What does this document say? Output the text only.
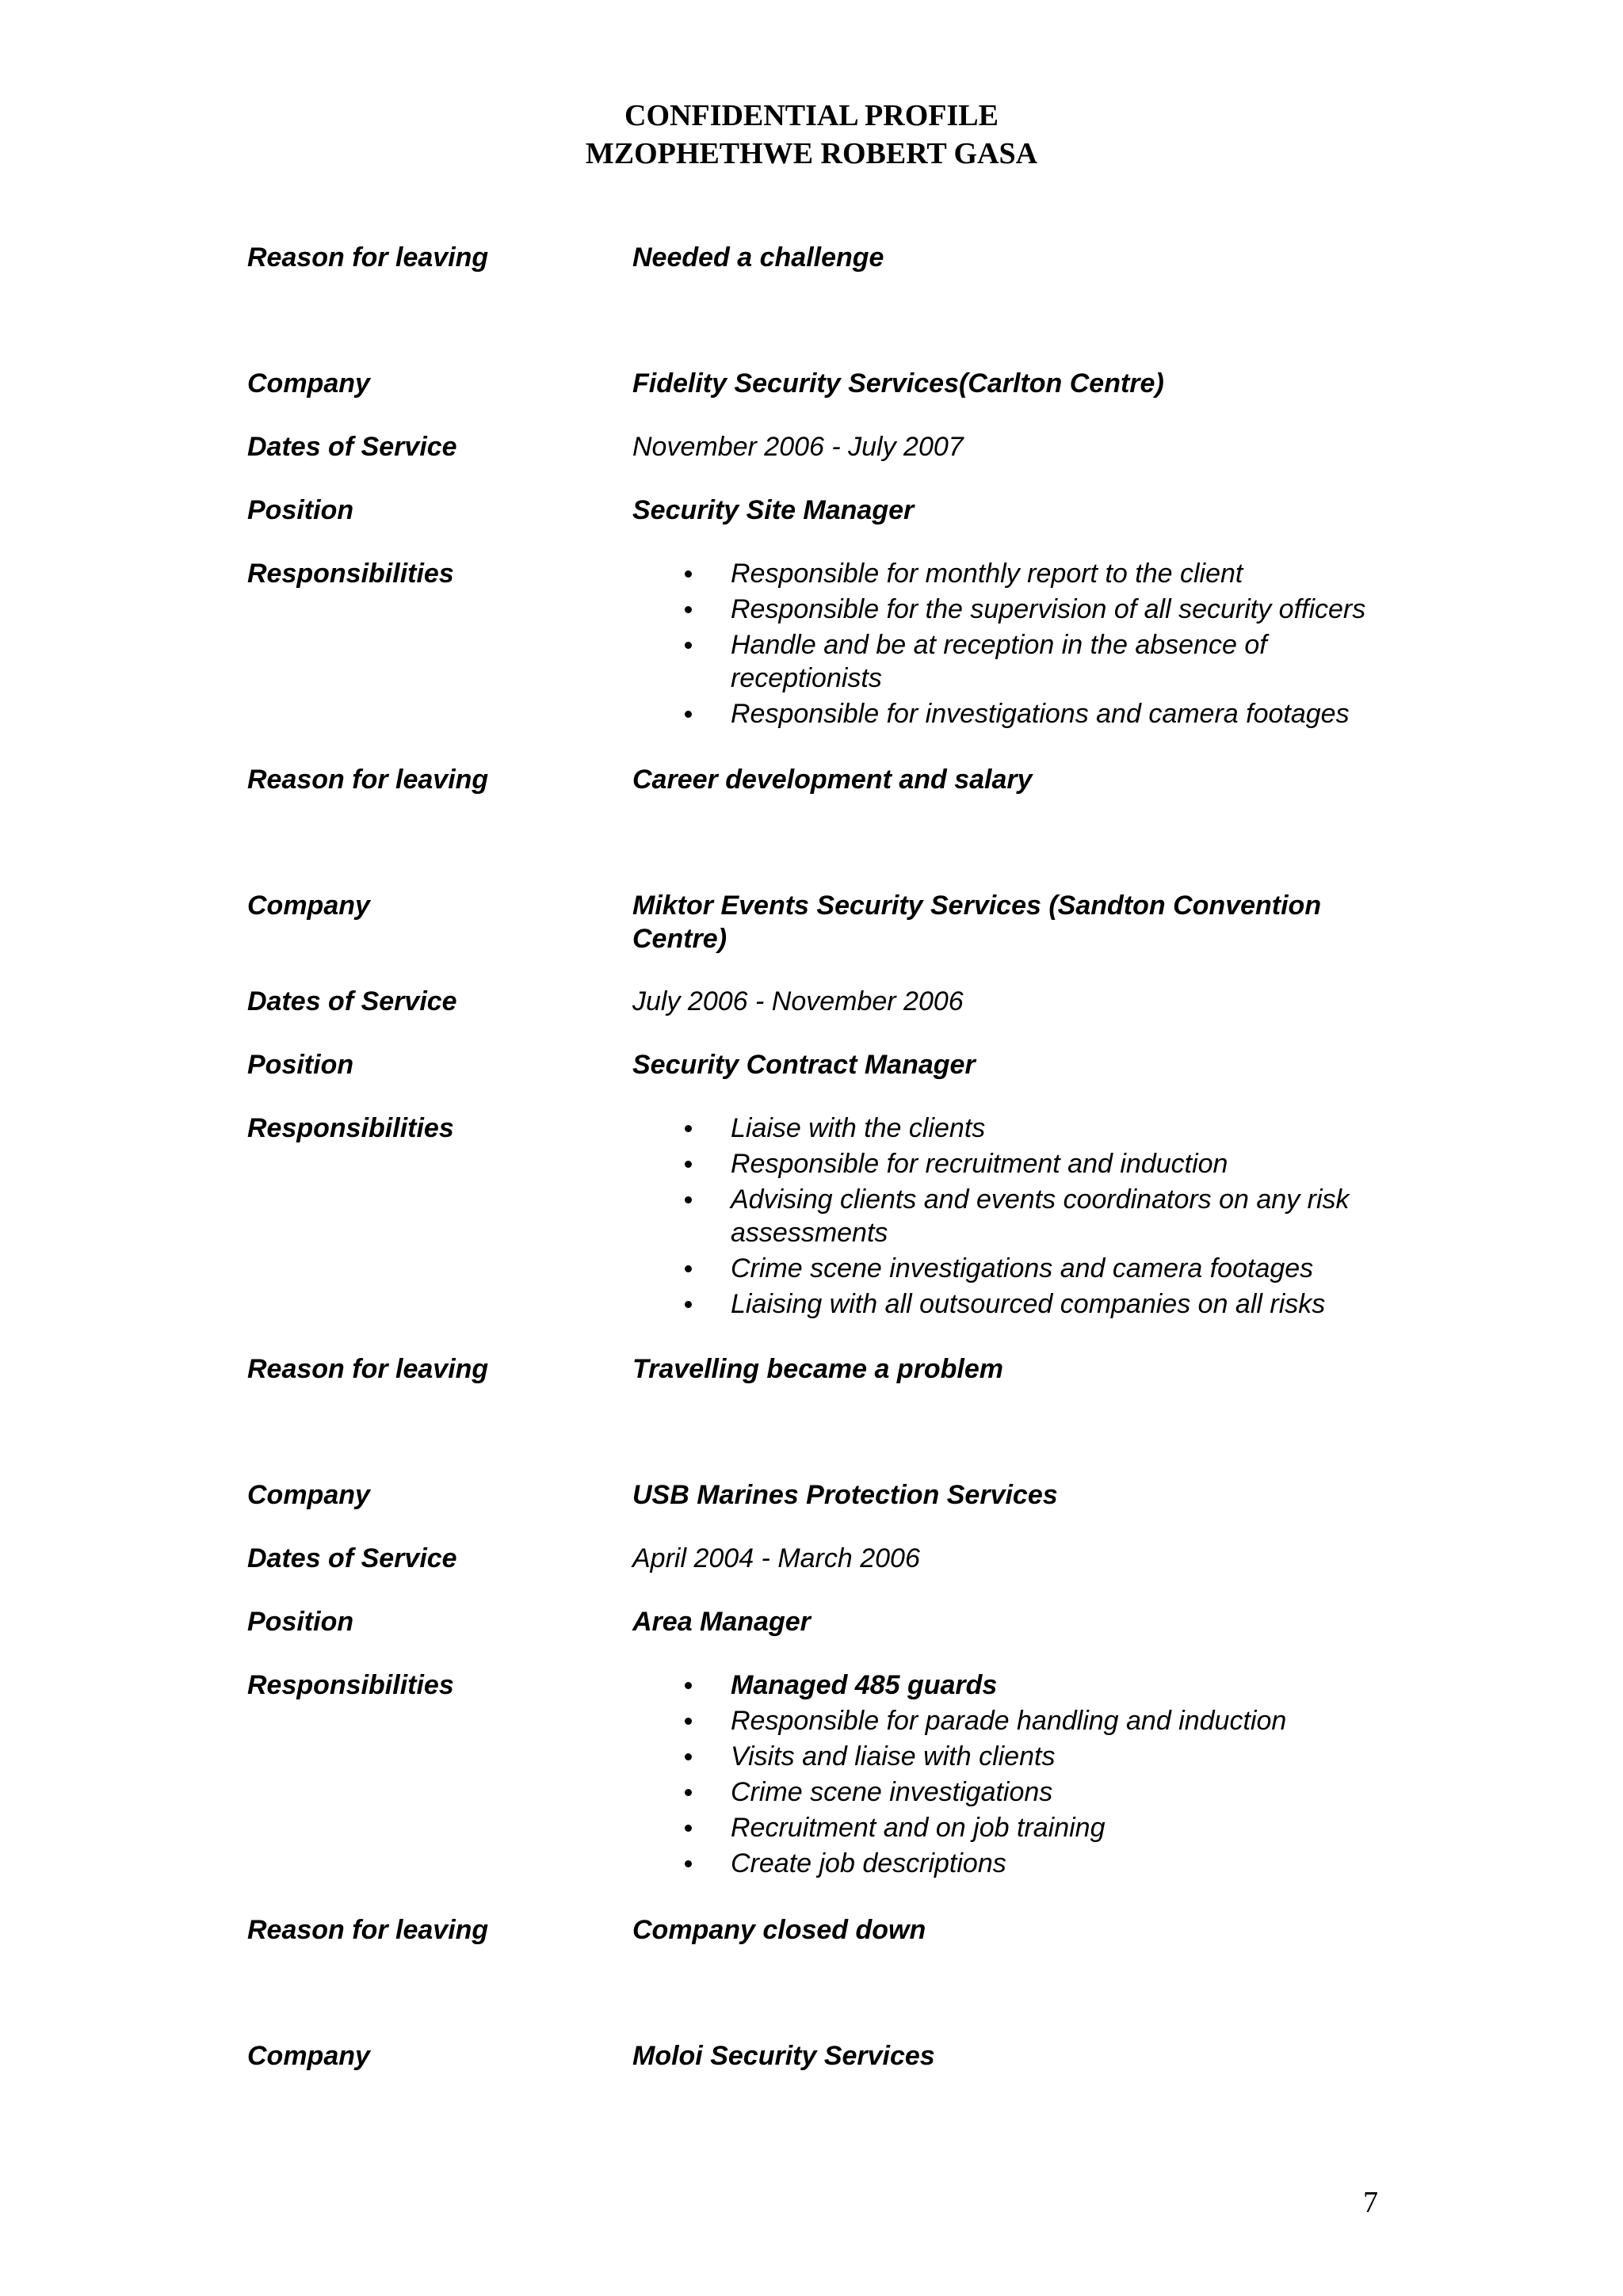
CONFIDENTIAL PROFILE
MZOPHETHWE ROBERT GASA
Reason for leaving	Needed a challenge
Company	Fidelity Security Services(Carlton Centre)
Dates of Service	November 2006 - July 2007
Position	Security Site Manager
Responsibilities	Responsible for monthly report to the client
Responsible for the supervision of all security officers
Handle and be at reception in the absence of receptionists
Responsible for investigations and camera footages
Reason for leaving	Career development and salary
Company	Miktor Events Security Services (Sandton Convention Centre)
Dates of Service	July 2006 - November 2006
Position	Security Contract Manager
Responsibilities	Liaise with the clients
Responsible for recruitment and induction
Advising clients and events coordinators on any risk assessments
Crime scene investigations and camera footages
Liaising with all outsourced companies on all risks
Reason for leaving	Travelling became a problem
Company	USB Marines Protection Services
Dates of Service	April 2004 - March 2006
Position	Area Manager
Responsibilities	Managed 485 guards
Responsible for parade handling and induction
Visits and liaise with clients
Crime scene investigations
Recruitment and on job training
Create job descriptions
Reason for leaving	Company closed down
Company	Moloi Security Services
7
